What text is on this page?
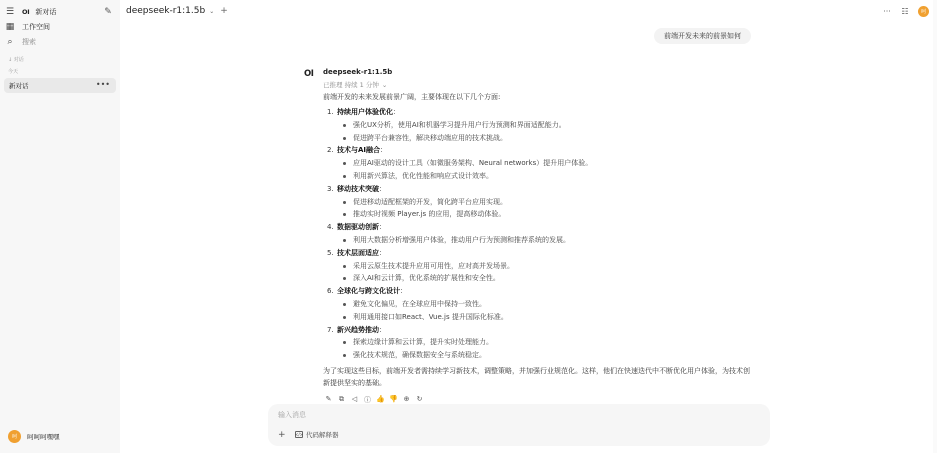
☰	OI 新对话	✎
▦ 工作空间
⌕	搜索
↓ 对话
今天
新对话	•••
呵	呵呵呵嘿嘿
deepseek-r1:1.5b ⌄ +	··· ☷	呵
前端开发未来的前景如何
OI deepseek-r1:1.5b
已推理 持续 1 分钟 ⌄
前端开发的未来发展前景广阔，主要体现在以下几个方面:
1. 持续用户体验优化：
强化UX分析，使用AI和机器学习提升用户行为预测和界面适配能力。
促进跨平台兼容性，解决移动端应用的技术挑战。
2. 技术与AI融合：
应用AI驱动的设计工具（如微服务架构、Neural networks）提升用户体验。
利用新兴算法，优化性能和响应式设计效率。
3. 移动技术突破：
促进移动适配框架的开发，简化跨平台应用实现。
推动实时视频 Player.js 的应用，提高移动体验。
4. 数据驱动创新：
利用大数据分析增强用户体验，推动用户行为预测和推荐系统的发展。
5. 技术层面适应：
采用云原生技术提升应用可用性，应对高并发场景。
深入AI和云计算，优化系统的扩展性和安全性。
6. 全球化与跨文化设计：
避免文化偏见，在全球应用中保持一致性。
利用通用接口如React、Vue.js 提升国际化标准。
7. 新兴趋势推动：
探索边缘计算和云计算，提升实时处理能力。
强化技术规范，确保数据安全与系统稳定。
为了实现这些目标，前端开发者需持续学习新技术，调整策略，并加强行业规范化。这样，他们在快速迭代中不断优化用户体验，为技术创新提供坚实的基础。
✎ ⧉ ◁ ⓘ 👍 👎 ⊕ ↻
输入消息
+ </> 代码解释器
